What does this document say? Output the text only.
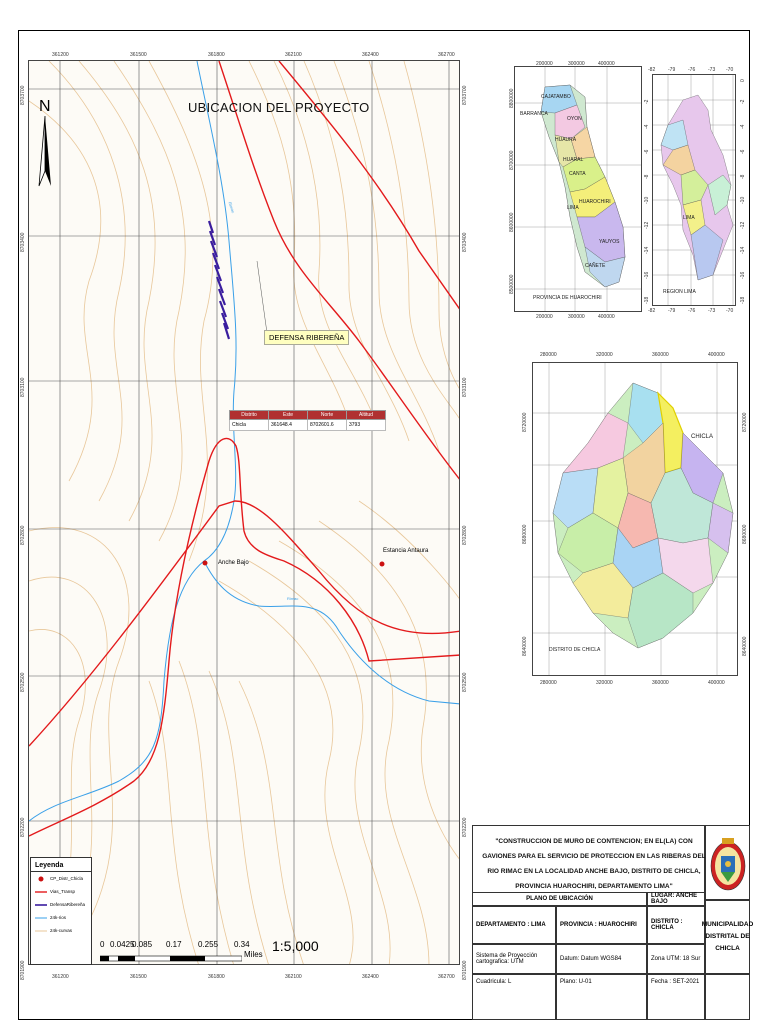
N
361200	361500	361800	362100	362400	362700
361200	361500	361800	362100	362400	362700
8703700
8703400
8703100
8702800
8702500
8702200
8701900
8703700
8703400
8703100
8702800
8702500
8702200
8701900
UBICACION DEL PROYECTO
DEFENSA RIBEREÑA
Distrito	Este	Norte	Altitud
Chicla	361648.4	8702601.6	3793
Anche Bajo
Estancia Antaura
Rimac
Rimac
Leyenda
CP_Distr_Chicla
Vias_Transp
DefensaRibereña
24k-rios
24k-curvas
0 0.0425
0.085 0.17 0.255 0.34
Miles
1:5,000
CAJATAMBO
BARRANCA
OYON
HUAURA
CANTA
HUARAL
LIMA
HUAROCHIRI
YAUYOS
CAÑETE
PROVINCIA DE HUAROCHIRI
200000	300000	400000
200000	300000	400000
8800000
8700000
8600000
8500000
LIMA
REGION LIMA
-82	-79	-76	-73 -70
-82	-79	-76	-73 -70
-2
-4
-6
-8
-10
-12
-14
-16
-18
0
-2
-4
-6
-8
-10
-12
-14
-16
-18
CHICLA
DISTRITO DE CHICLA
280000	320000	360000	400000
280000	320000	360000	400000
8720000
8680000
8640000
8720000
8680000
8640000
"CONSTRUCCION DE MURO DE CONTENCION; EN EL(LA) CON GAVIONES PARA EL SERVICIO DE PROTECCION EN LAS RIBERAS DEL RIO RIMAC EN LA LOCALIDAD ANCHE BAJO, DISTRITO DE CHICLA, PROVINCIA HUAROCHIRI, DEPARTAMENTO LIMA"
PLANO DE UBICACIÓN	LUGAR: ANCHE BAJO
DEPARTAMENTO : LIMA	PROVINCIA : HUAROCHIRI	DISTRITO : CHICLA
Sistema de Proyección cartografica: UTM	Datum: Datum WGS84	Zona UTM: 18 Sur
Cuadricula: L	Plano: U-01	Fecha : SET-2021
MUNICIPALIDAD DISTRITAL DE CHICLA
